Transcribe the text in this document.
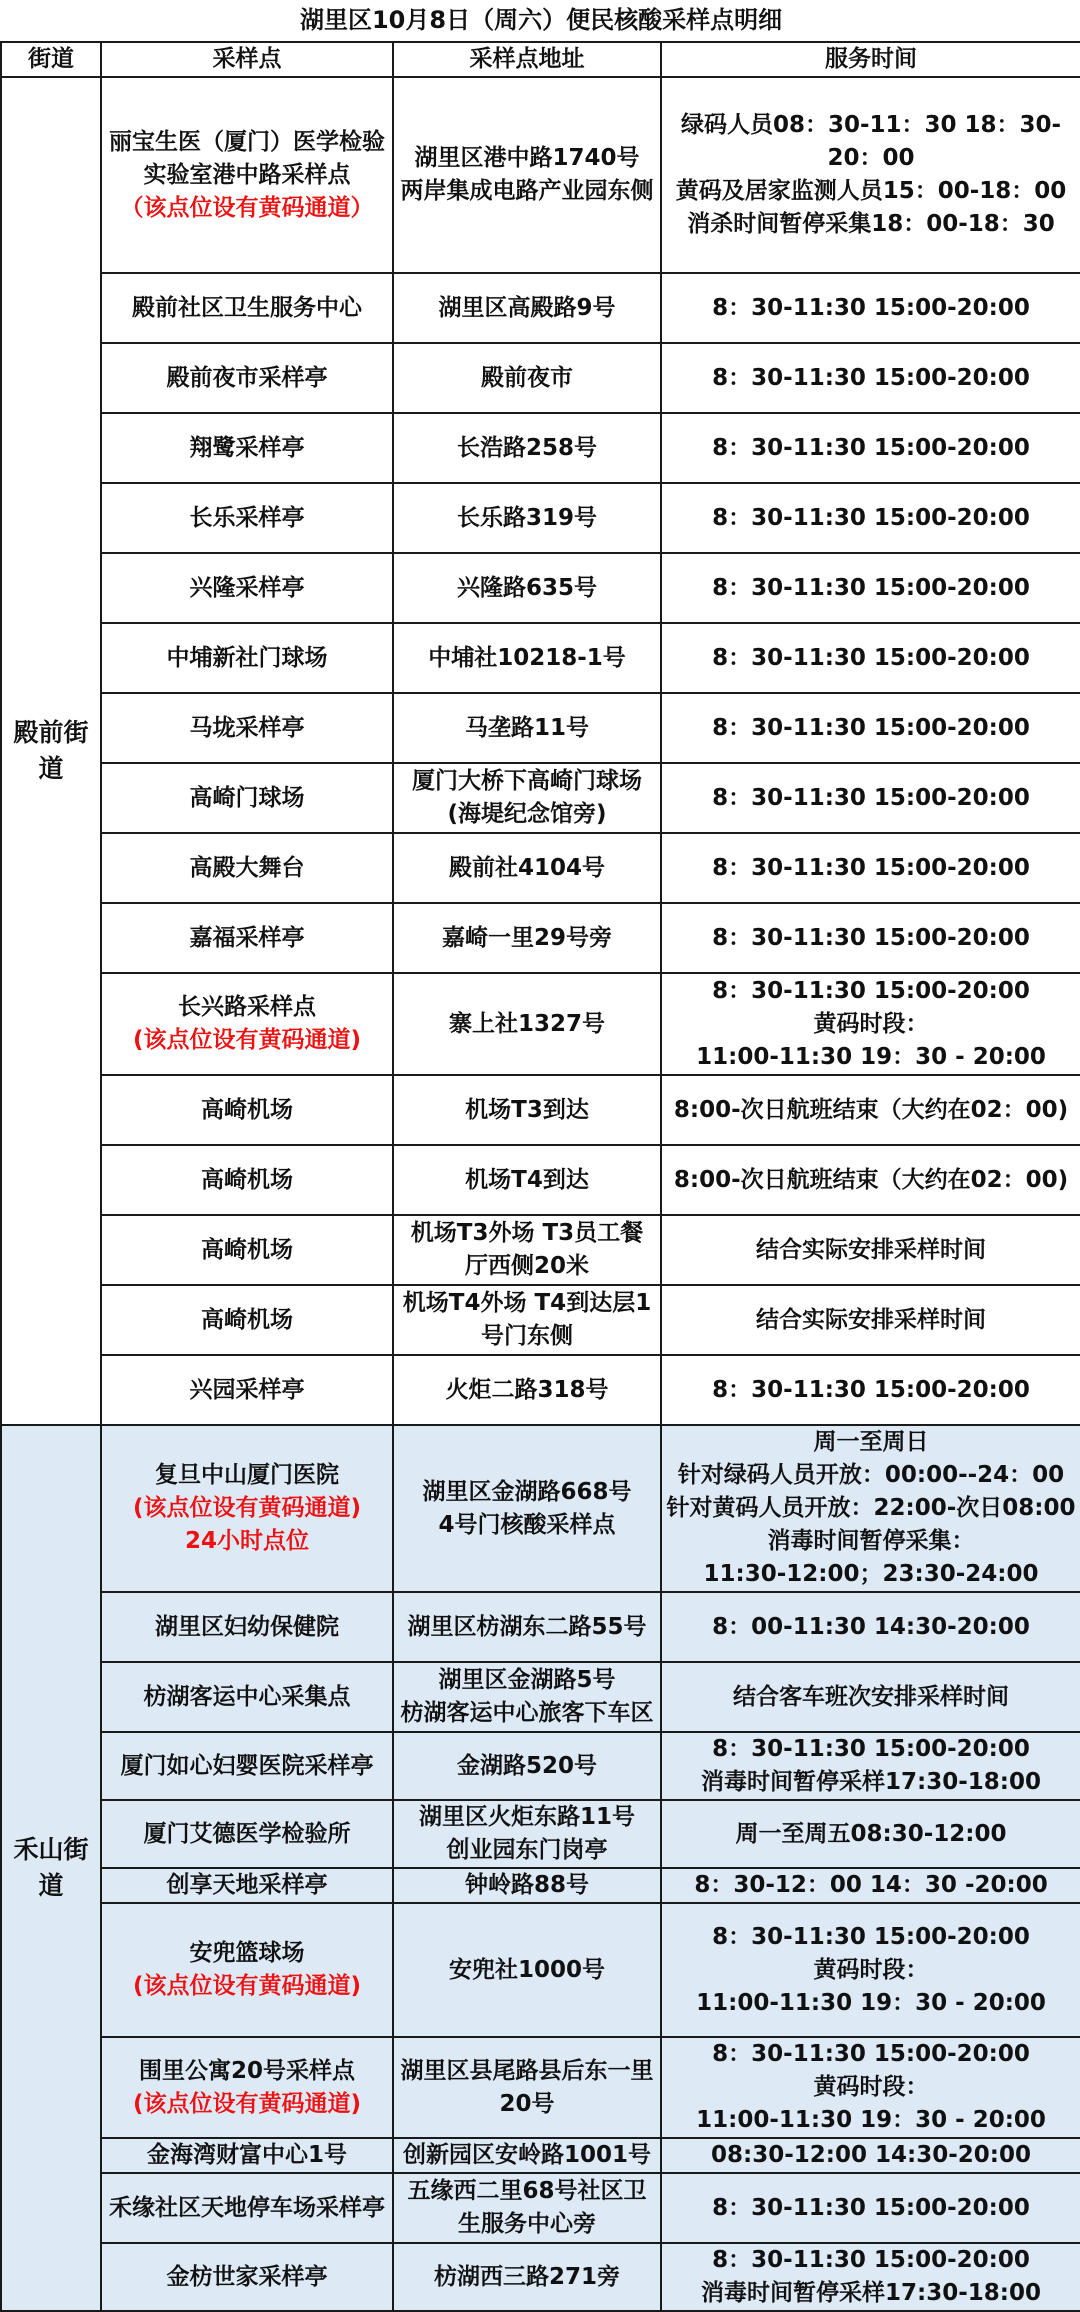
湖里区10月8日（周六）便民核酸采样点明细			
街道	采样点	采样点地址	服务时间

殿前街道	丽宝生医（厦门）医学检验
实验室港中路采样点
（该点位设有黄码通道）	湖里区港中路1740号
两岸集成电路产业园东侧	绿码人员08：30-11：30 18：30-20：00
黄码及居家监测人员15：00-18：00
消杀时间暂停采集18：00-18：30

	殿前社区卫生服务中心	湖里区高殿路9号	8：30-11:30 15:00-20:00

	殿前夜市采样亭	殿前夜市	8：30-11:30 15:00-20:00

	翔鹭采样亭	长浩路258号	8：30-11:30 15:00-20:00

	长乐采样亭	长乐路319号	8：30-11:30 15:00-20:00

	兴隆采样亭	兴隆路635号	8：30-11:30 15:00-20:00

	中埔新社门球场	中埔社10218-1号	8：30-11:30 15:00-20:00

	马垅采样亭	马垄路11号	8：30-11:30 15:00-20:00

	高崎门球场	厦门大桥下高崎门球场
(海堤纪念馆旁)	8：30-11:30 15:00-20:00

	高殿大舞台	殿前社4104号	8：30-11:30 15:00-20:00

	嘉福采样亭	嘉崎一里29号旁	8：30-11:30 15:00-20:00

	长兴路采样点
(该点位设有黄码通道)	寨上社1327号	8：30-11:30 15:00-20:00
黄码时段：
11:00-11:30 19：30 - 20:00

	高崎机场	机场T3到达	8:00-次日航班结束（大约在02：00)

	高崎机场	机场T4到达	8:00-次日航班结束（大约在02：00)

	高崎机场	机场T3外场 T3员工餐
厅西侧20米	结合实际安排采样时间

	高崎机场	机场T4外场 T4到达层1
号门东侧	结合实际安排采样时间

	兴园采样亭	火炬二路318号	8：30-11:30 15:00-20:00

禾山街道	复旦中山厦门医院
(该点位设有黄码通道)
24小时点位	湖里区金湖路668号
4号门核酸采样点	周一至周日
针对绿码人员开放：00:00--24：00
针对黄码人员开放：22:00-次日08:00
消毒时间暂停采集：
11:30-12:00；23:30-24:00

	湖里区妇幼保健院	湖里区枋湖东二路55号	8：00-11:30 14:30-20:00

	枋湖客运中心采集点	湖里区金湖路5号
枋湖客运中心旅客下车区	结合客车班次安排采样时间

	厦门如心妇婴医院采样亭	金湖路520号	8：30-11:30 15:00-20:00
消毒时间暂停采样17:30-18:00

	厦门艾德医学检验所	湖里区火炬东路11号
创业园东门岗亭	周一至周五08:30-12:00

	创享天地采样亭	钟岭路88号	8：30-12：00 14：30 -20:00

	安兜篮球场
(该点位设有黄码通道)	安兜社1000号	8：30-11:30 15:00-20:00
黄码时段：
11:00-11:30 19：30 - 20:00

	围里公寓20号采样点
(该点位设有黄码通道)	湖里区县尾路县后东一里
20号	8：30-11:30 15:00-20:00
黄码时段：
11:00-11:30 19：30 - 20:00

	金海湾财富中心1号	创新园区安岭路1001号	08:30-12:00 14:30-20:00

	禾缘社区天地停车场采样亭	五缘西二里68号社区卫
生服务中心旁	8：30-11:30 15:00-20:00

	金枋世家采样亭	枋湖西三路271旁	8：30-11:30 15:00-20:00
消毒时间暂停采样17:30-18:00
